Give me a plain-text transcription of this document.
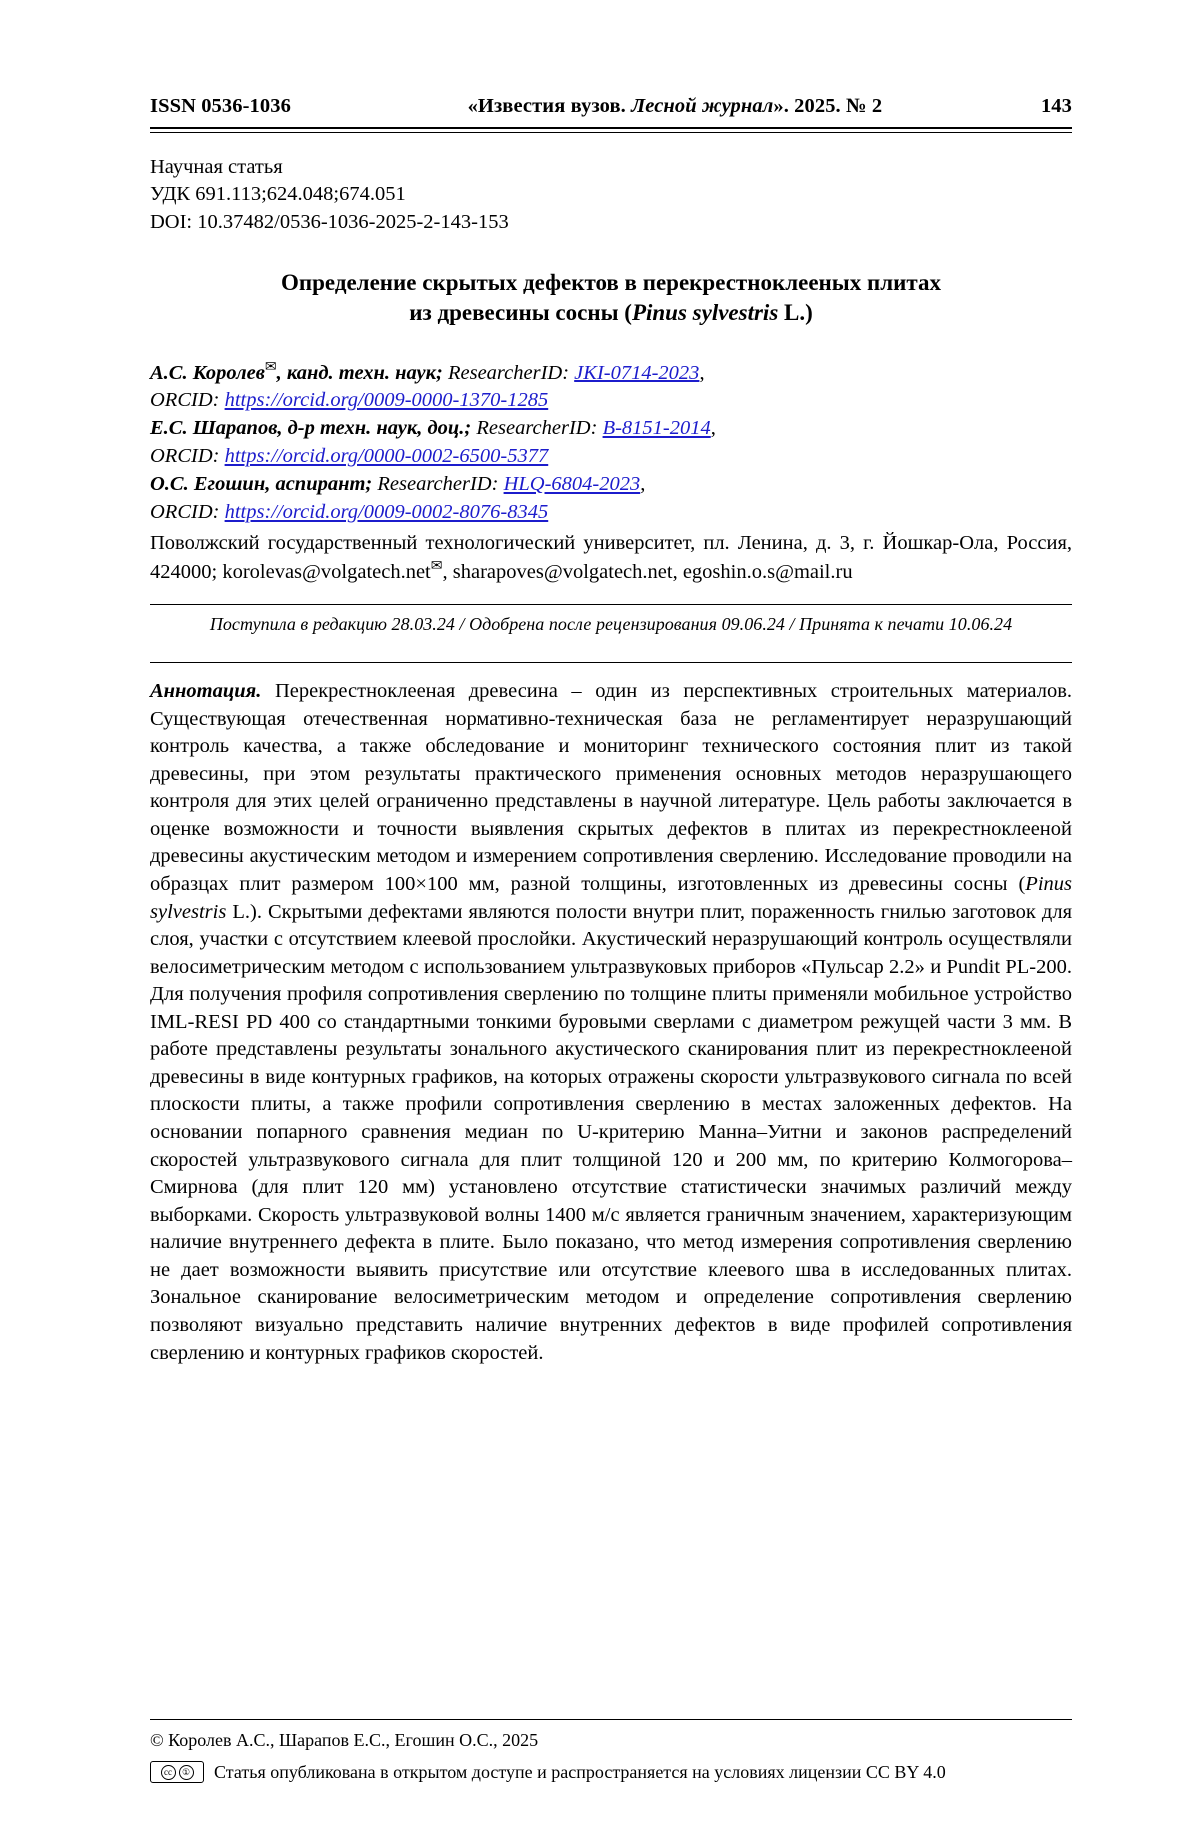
ISSN 0536-1036	«Известия вузов. Лесной журнал». 2025. № 2	143
Научная статья
УДК 691.113;624.048;674.051
DOI: 10.37482/0536-1036-2025-2-143-153
Определение скрытых дефектов в перекрестноклееных плитах
из древесины сосны (Pinus sylvestris L.)
А.С. Королев✉, канд. техн. наук; ResearcherID: JKI-0714-2023,
ORCID: https://orcid.org/0009-0000-1370-1285
Е.С. Шарапов, д-р техн. наук, доц.; ResearcherID: B-8151-2014,
ORCID: https://orcid.org/0000-0002-6500-5377
О.С. Егошин, аспирант; ResearcherID: HLQ-6804-2023,
ORCID: https://orcid.org/0009-0002-8076-8345
Поволжский государственный технологический университет, пл. Ленина, д. 3, г. Йошкар-Ола, Россия, 424000; korolevas@volgatech.net✉, sharapoves@volgatech.net, egoshin.o.s@mail.ru
Поступила в редакцию 28.03.24 / Одобрена после рецензирования 09.06.24 / Принята к печати 10.06.24
Аннотация. Перекрестноклееная древесина – один из перспективных строительных материалов. Существующая отечественная нормативно-техническая база не регламентирует неразрушающий контроль качества, а также обследование и мониторинг технического состояния плит из такой древесины, при этом результаты практического применения основных методов неразрушающего контроля для этих целей ограниченно представлены в научной литературе. Цель работы заключается в оценке возможности и точности выявления скрытых дефектов в плитах из перекрестноклееной древесины акустическим методом и измерением сопротивления сверлению. Исследование проводили на образцах плит размером 100×100 мм, разной толщины, изготовленных из древесины сосны (Pinus sylvestris L.). Скрытыми дефектами являются полости внутри плит, пораженность гнилью заготовок для слоя, участки с отсутствием клеевой прослойки. Акустический неразрушающий контроль осуществляли велосиметрическим методом с использованием ультразвуковых приборов «Пульсар 2.2» и Pundit PL-200. Для получения профиля сопротивления сверлению по толщине плиты применяли мобильное устройство IML-RESI PD 400 со стандартными тонкими буровыми сверлами с диаметром режущей части 3 мм. В работе представлены результаты зонального акустического сканирования плит из перекрестноклееной древесины в виде контурных графиков, на которых отражены скорости ультразвукового сигнала по всей плоскости плиты, а также профили сопротивления сверлению в местах заложенных дефектов. На основании попарного сравнения медиан по U-критерию Манна–Уитни и законов распределений скоростей ультразвукового сигнала для плит толщиной 120 и 200 мм, по критерию Колмогорова–Смирнова (для плит 120 мм) установлено отсутствие статистически значимых различий между выборками. Скорость ультразвуковой волны 1400 м/с является граничным значением, характеризующим наличие внутреннего дефекта в плите. Было показано, что метод измерения сопротивления сверлению не дает возможности выявить присутствие или отсутствие клеевого шва в исследованных плитах. Зональное сканирование велосиметрическим методом и определение сопротивления сверлению позволяют визуально представить наличие внутренних дефектов в виде профилей сопротивления сверлению и контурных графиков скоростей.
© Королев А.С., Шарапов Е.С., Егошин О.С., 2025
cc	① Статья опубликована в открытом доступе и распространяется на условиях лицензии CC BY 4.0
